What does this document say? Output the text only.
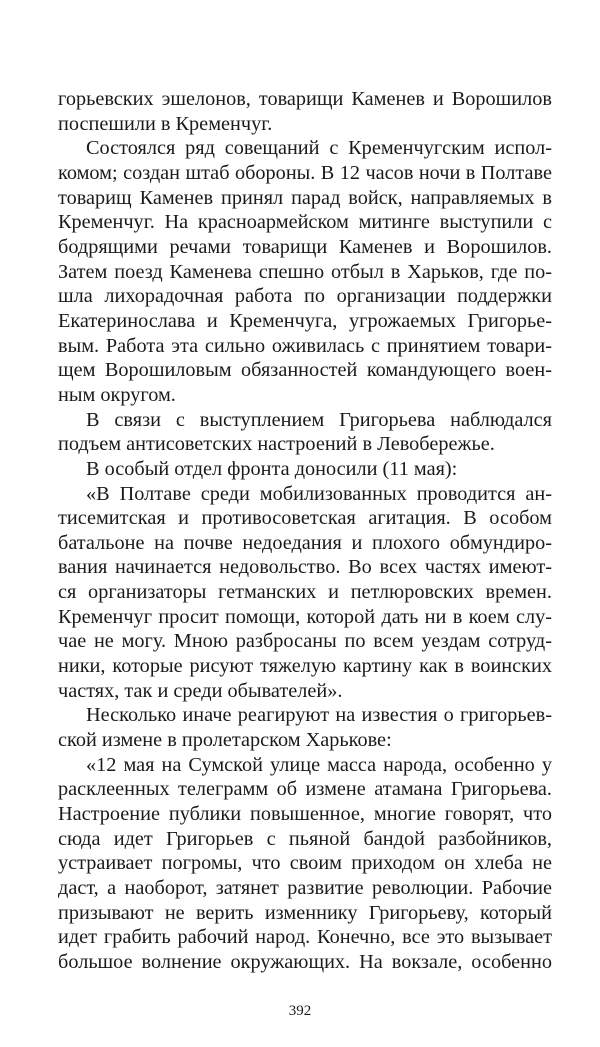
горьевских эшелонов, товарищи Каменев и Ворошилов
поспешили в Кременчуг.
Состоялся ряд совещаний с Кременчугским испол-
комом; создан штаб обороны. В 12 часов ночи в Полтаве
товарищ Каменев принял парад войск, направляемых в
Кременчуг. На красноармейском митинге выступили с
бодрящими речами товарищи Каменев и Ворошилов.
Затем поезд Каменева спешно отбыл в Харьков, где по-
шла лихорадочная работа по организации поддержки
Екатеринослава и Кременчуга, угрожаемых Григорье-
вым. Работа эта сильно оживилась с принятием товари-
щем Ворошиловым обязанностей командующего воен-
ным округом.
В связи с выступлением Григорьева наблюдался
подъем антисоветских настроений в Левобережье.
В особый отдел фронта доносили (11 мая):
«В Полтаве среди мобилизованных проводится ан-
тисемитская и противосоветская агитация. В особом
батальоне на почве недоедания и плохого обмундиро-
вания начинается недовольство. Во всех частях имеют-
ся организаторы гетманских и петлюровских времен.
Кременчуг просит помощи, которой дать ни в коем слу-
чае не могу. Мною разбросаны по всем уездам сотруд-
ники, которые рисуют тяжелую картину как в воинских
частях, так и среди обывателей».
Несколько иначе реагируют на известия о григорьев-
ской измене в пролетарском Харькове:
«12 мая на Сумской улице масса народа, особенно у
расклеенных телеграмм об измене атамана Григорьева.
Настроение публики повышенное, многие говорят, что
сюда идет Григорьев с пьяной бандой разбойников,
устраивает погромы, что своим приходом он хлеба не
даст, а наоборот, затянет развитие революции. Рабочие
призывают не верить изменнику Григорьеву, который
идет грабить рабочий народ. Конечно, все это вызывает
большое волнение окружающих. На вокзале, особенно
392
